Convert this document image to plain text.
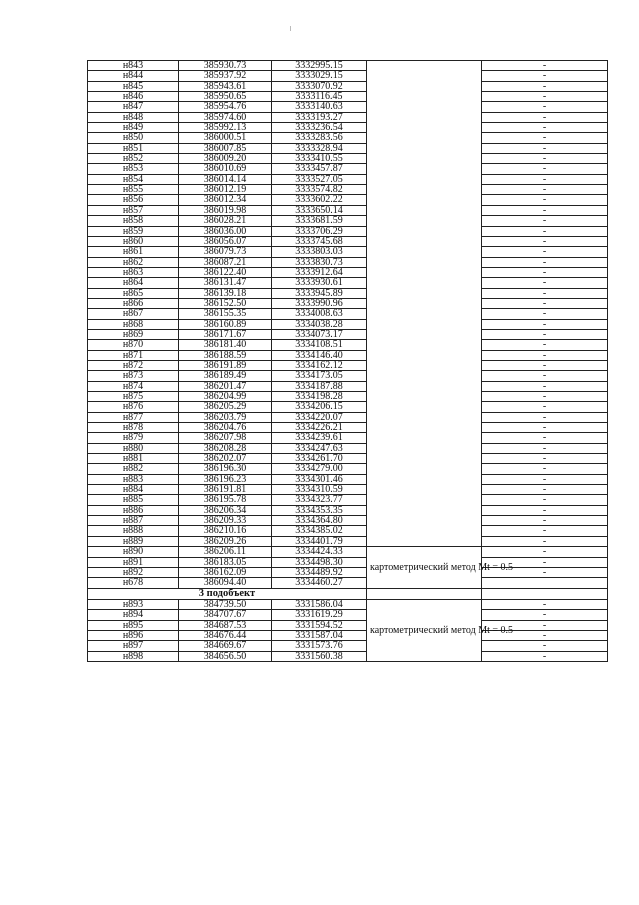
н843	385930.73	3332995.15		-
н844	385937.92	3333029.15		-
н845	385943.61	3333070.92		-
н846	385950.65	3333116.45		-
н847	385954.76	3333140.63		-
н848	385974.60	3333193.27		-
н849	385992.13	3333236.54		-
н850	386000.51	3333283.56		-
н851	386007.85	3333328.94		-
н852	386009.20	3333410.55		-
н853	386010.69	3333457.87		-
н854	386014.14	3333527.05		-
н855	386012.19	3333574.82		-
н856	386012.34	3333602.22		-
н857	386019.98	3333650.14		-
н858	386028.21	3333681.59		-
н859	386036.00	3333706.29		-
н860	386056.07	3333745.68		-
н861	386079.73	3333803.03		-
н862	386087.21	3333830.73		-
н863	386122.40	3333912.64		-
н864	386131.47	3333930.61		-
н865	386139.18	3333945.89		-
н866	386152.50	3333990.96		-
н867	386155.35	3334008.63		-
н868	386160.89	3334038.28		-
н869	386171.67	3334073.17		-
н870	386181.40	3334108.51		-
н871	386188.59	3334146.40		-
н872	386191.89	3334162.12		-
н873	386189.49	3334173.05		-
н874	386201.47	3334187.88		-
н875	386204.99	3334198.28		-
н876	386205.29	3334206.15		-
н877	386203.79	3334220.07		-
н878	386204.76	3334226.21		-
н879	386207.98	3334239.61		-
н880	386208.28	3334247.63		-
н881	386202.07	3334261.70		-
н882	386196.30	3334279.00		-
н883	386196.23	3334301.46		-
н884	386191.81	3334310.59		-
н885	386195.78	3334323.77		-
н886	386206.34	3334353.35		-
н887	386209.33	3334364.80		-
н888	386210.16	3334385.02		-
н889	386209.26	3334401.79		-
н890	386206.11	3334424.33	картометрический метод Mt = 0.5	-
н891	386183.05	3334498.30		-
н892	386162.09	3334489.92		-
н678	386094.40	3334460.27		
3 подобъект				
н893	384739.50	3331586.04	картометрический метод Mt = 0.5	-
н894	384707.67	3331619.29		-
н895	384687.53	3331594.52		-
н896	384676.44	3331587.04		-
н897	384669.67	3331573.76		-
н898	384656.50	3331560.38		-
